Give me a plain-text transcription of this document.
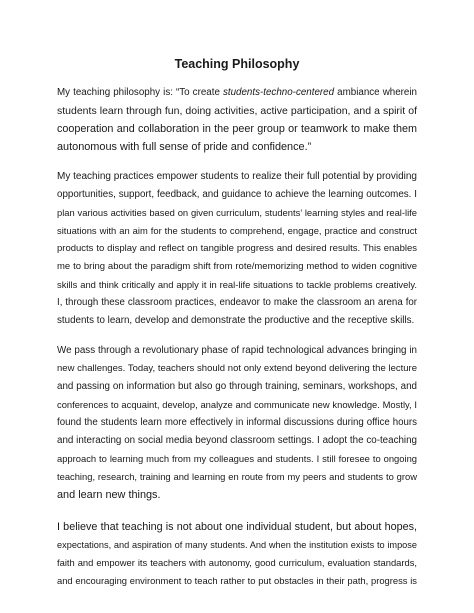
Teaching Philosophy
My teaching philosophy is: “To create students-techno-centered ambiance wherein
students learn through fun, doing activities, active participation, and a spirit of
cooperation and collaboration in the peer group or teamwork to make them
autonomous with full sense of pride and confidence.”
My teaching practices empower students to realize their full potential by providing
opportunities, support, feedback, and guidance to achieve the learning outcomes. I
plan various activities based on given curriculum, students’ learning styles and real-life
situations with an aim for the students to comprehend, engage, practice and construct
products to display and reflect on tangible progress and desired results. This enables
me to bring about the paradigm shift from rote/memorizing method to widen cognitive
skills and think critically and apply it in real-life situations to tackle problems creatively.
I, through these classroom practices, endeavor to make the classroom an arena for
students to learn, develop and demonstrate the productive and the receptive skills.
We pass through a revolutionary phase of rapid technological advances bringing in
new challenges. Today, teachers should not only extend beyond delivering the lecture
and passing on information but also go through training, seminars, workshops, and
conferences to acquaint, develop, analyze and communicate new knowledge. Mostly, I
found the students learn more effectively in informal discussions during office hours
and interacting on social media beyond classroom settings. I adopt the co-teaching
approach to learning much from my colleagues and students. I still foresee to ongoing
teaching, research, training and learning en route from my peers and students to grow
and learn new things.
I believe that teaching is not about one individual student, but about hopes,
expectations, and aspiration of many students. And when the institution exists to impose
faith and empower its teachers with autonomy, good curriculum, evaluation standards,
and encouraging environment to teach rather to put obstacles in their path, progress is
